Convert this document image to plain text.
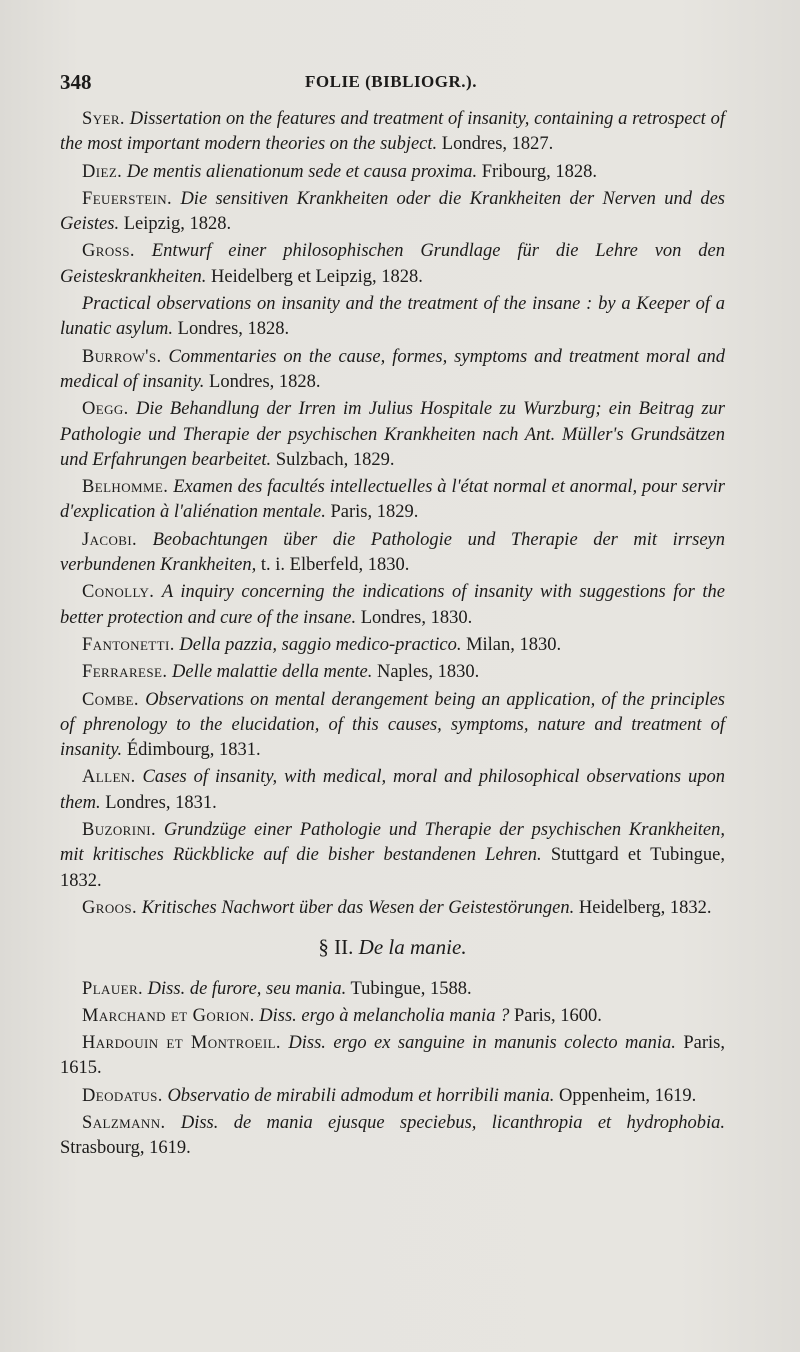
348	FOLIE (BIBLIOGR.).

Syer. Dissertation on the features and treatment of insanity, containing a retrospect of the most important modern theories on the subject. Londres, 1827.

Diez. De mentis alienationum sede et causa proxima. Fribourg, 1828.

Feuerstein. Die sensitiven Krankheiten oder die Krankheiten der Nerven und des Geistes. Leipzig, 1828.

Gross. Entwurf einer philosophischen Grundlage für die Lehre von den Geisteskrankheiten. Heidelberg et Leipzig, 1828.

Practical observations on insanity and the treatment of the insane : by a Keeper of a lunatic asylum. Londres, 1828.

Burrow's. Commentaries on the cause, formes, symptoms and treatment moral and medical of insanity. Londres, 1828.

Oegg. Die Behandlung der Irren im Julius Hospitale zu Wurzburg; ein Beitrag zur Pathologie und Therapie der psychischen Krankheiten nach Ant. Müller's Grundsätzen und Erfahrungen bearbeitet. Sulzbach, 1829.

Belhomme. Examen des facultés intellectuelles à l'état normal et anormal, pour servir d'explication à l'aliénation mentale. Paris, 1829.

Jacobi. Beobachtungen über die Pathologie und Therapie der mit irrseyn verbundenen Krankheiten, t. i. Elberfeld, 1830.

Conolly. A inquiry concerning the indications of insanity with suggestions for the better protection and cure of the insane. Londres, 1830.

Fantonetti. Della pazzia, saggio medico-practico. Milan, 1830.

Ferrarese. Delle malattie della mente. Naples, 1830.

Combe. Observations on mental derangement being an application, of the principles of phrenology to the elucidation, of this causes, symptoms, nature and treatment of insanity. Édimbourg, 1831.

Allen. Cases of insanity, with medical, moral and philosophical observations upon them. Londres, 1831.

Buzorini. Grundzüge einer Pathologie und Therapie der psychischen Krankheiten, mit kritisches Rückblicke auf die bisher bestandenen Lehren. Stuttgard et Tubingue, 1832.

Groos. Kritisches Nachwort über das Wesen der Geistestörungen. Heidelberg, 1832.

§ II. De la manie.

Plauer. Diss. de furore, seu mania. Tubingue, 1588.

Marchand et Gorion. Diss. ergo à melancholia mania ? Paris, 1600.

Hardouin et Montroeil. Diss. ergo ex sanguine in manunis colecto mania. Paris, 1615.

Deodatus. Observatio de mirabili admodum et horribili mania. Oppenheim, 1619.

Salzmann. Diss. de mania ejusque speciebus, licanthropia et hydrophobia. Strasbourg, 1619.
